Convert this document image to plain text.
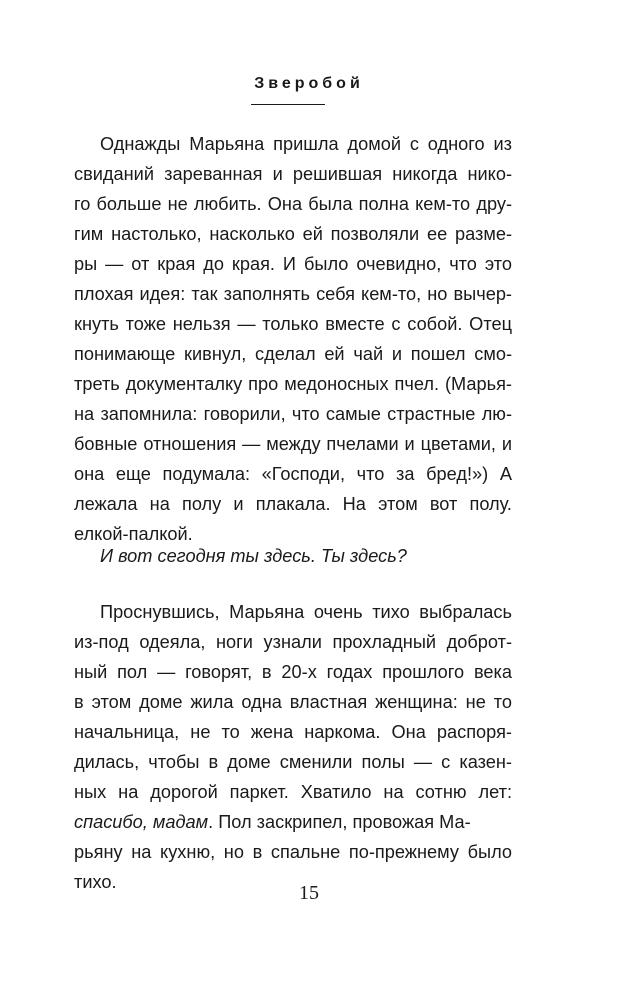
Зверобой
Однажды Марьяна пришла домой с одного из
свиданий зареванная и решившая никогда нико-
го больше не любить. Она была полна кем-то дру-
гим настолько, насколько ей позволяли ее разме-
ры — от края до края. И было очевидно, что это
плохая идея: так заполнять себя кем-то, но вычер-
кнуть тоже нельзя — только вместе с собой. Отец
понимающе кивнул, сделал ей чай и пошел смо-
треть документалку про медоносных пчел. (Марья-
на запомнила: говорили, что самые страстные лю-
бовные отношения — между пчелами и цветами, и
она еще подумала: «Господи, что за бред!») А
лежала на полу и плакала. На этом вот полу.
елкой-палкой.
И вот сегодня ты здесь. Ты здесь?
Проснувшись, Марьяна очень тихо выбралась
из-под одеяла, ноги узнали прохладный доброт-
ный пол — говорят, в 20-х годах прошлого века
в этом доме жила одна властная женщина: не то
начальница, не то жена наркома. Она распоря-
дилась, чтобы в доме сменили полы — с казен-
ных на дорогой паркет. Хватило на сотню лет:
спасибо, мадам. Пол заскрипел, провожая Ма-
рьяну на кухню, но в спальне по-прежнему было
тихо.	15
